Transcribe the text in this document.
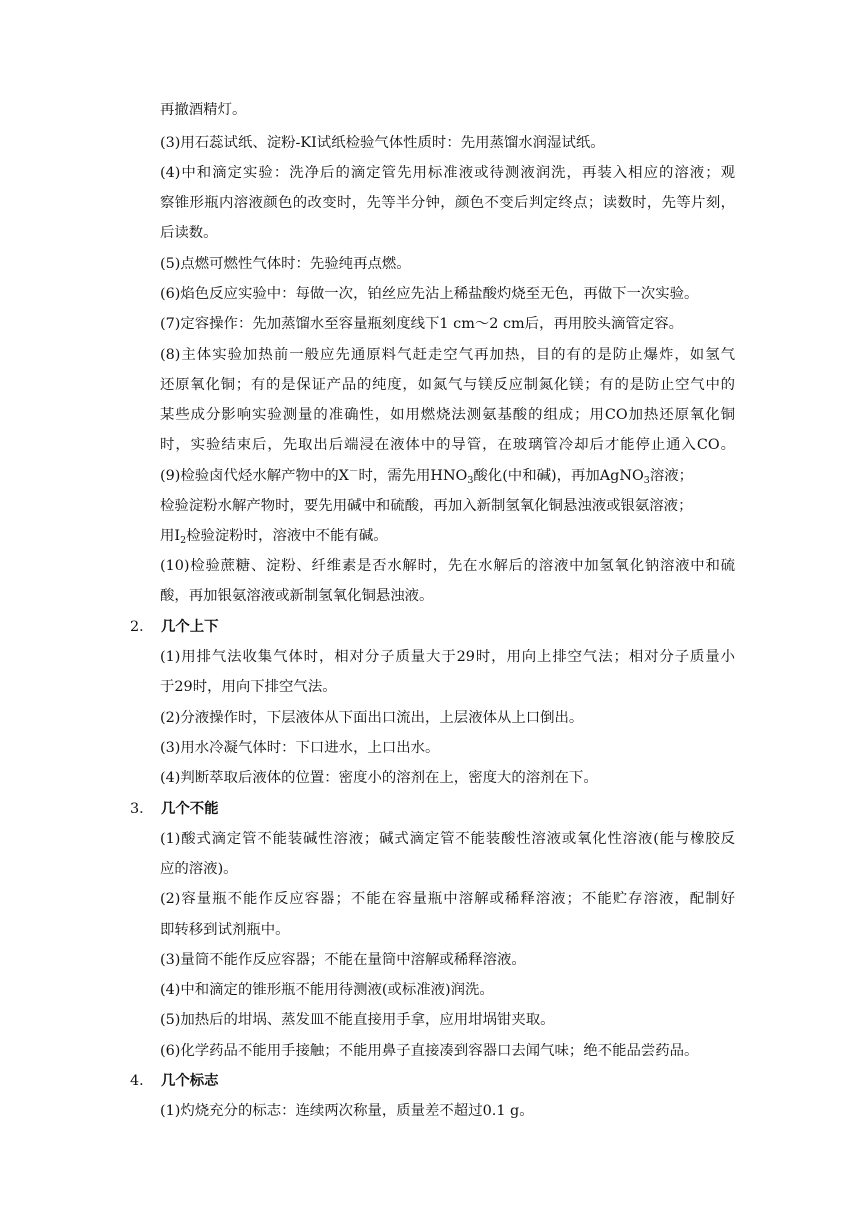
再撤酒精灯。
(3)用石蕊试纸、淀粉-KI试纸检验气体性质时：先用蒸馏水润湿试纸。
(4)中和滴定实验：洗净后的滴定管先用标准液或待测液润洗，再装入相应的溶液；观
察锥形瓶内溶液颜色的改变时，先等半分钟，颜色不变后判定终点；读数时，先等片刻，
后读数。
(5)点燃可燃性气体时：先验纯再点燃。
(6)焰色反应实验中：每做一次，铂丝应先沾上稀盐酸灼烧至无色，再做下一次实验。
(7)定容操作：先加蒸馏水至容量瓶刻度线下1 cm～2 cm后，再用胶头滴管定容。
(8)主体实验加热前一般应先通原料气赶走空气再加热，目的有的是防止爆炸，如氢气
还原氧化铜；有的是保证产品的纯度，如氮气与镁反应制氮化镁；有的是防止空气中的
某些成分影响实验测量的准确性，如用燃烧法测氨基酸的组成；用CO加热还原氧化铜
时，实验结束后，先取出后端浸在液体中的导管，在玻璃管冷却后才能停止通入CO。
(9)检验卤代烃水解产物中的X－时，需先用$HNO_3$酸化(中和碱)，再加AgNO$_3$溶液；
检验淀粉水解产物时，要先用碱中和硫酸，再加入新制氢氧化铜悬浊液或银氨溶液；
用$I_2$检验淀粉时，溶液中不能有碱。
(10)检验蔗糖、淀粉、纤维素是否水解时，先在水解后的溶液中加氢氧化钠溶液中和硫
酸，再加银氨溶液或新制氢氧化铜悬浊液。
2． 几个上下
(1)用排气法收集气体时，相对分子质量大于29时，用向上排空气法；相对分子质量小
于29时，用向下排空气法。
(2)分液操作时，下层液体从下面出口流出，上层液体从上口倒出。
(3)用水冷凝气体时：下口进水，上口出水。
(4)判断萃取后液体的位置：密度小的溶剂在上，密度大的溶剂在下。
3． 几个不能
(1)酸式滴定管不能装碱性溶液；碱式滴定管不能装酸性溶液或氧化性溶液(能与橡胶反
应的溶液)。
(2)容量瓶不能作反应容器；不能在容量瓶中溶解或稀释溶液；不能贮存溶液，配制好
即转移到试剂瓶中。
(3)量筒不能作反应容器；不能在量筒中溶解或稀释溶液。
(4)中和滴定的锥形瓶不能用待测液(或标准液)润洗。
(5)加热后的坩埚、蒸发皿不能直接用手拿，应用坩埚钳夹取。
(6)化学药品不能用手接触；不能用鼻子直接凑到容器口去闻气味；绝不能品尝药品。
4． 几个标志
(1)灼烧充分的标志：连续两次称量，质量差不超过0.1 g。
